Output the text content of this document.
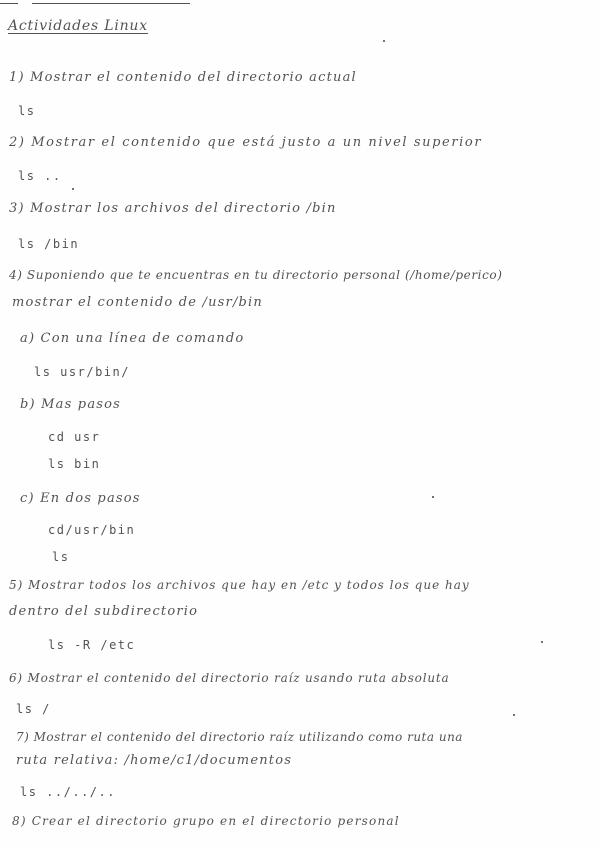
Actividades Linux
1) Mostrar el contenido del directorio actual
ls
2) Mostrar el contenido que está justo a un nivel superior
ls ..
3) Mostrar los archivos del directorio /bin
ls /bin
4) Suponiendo que te encuentras en tu directorio personal (/home/perico)
mostrar el contenido de /usr/bin
a) Con una línea de comando
ls usr/bin/
b) Mas pasos
cd usr
ls bin
c) En dos pasos
cd/usr/bin
ls
5) Mostrar todos los archivos que hay en /etc y todos los que hay
dentro del subdirectorio
ls -R /etc
6) Mostrar el contenido del directorio raíz usando ruta absoluta
ls /
7) Mostrar el contenido del directorio raíz utilizando como ruta una
ruta relativa: /home/c1/documentos
ls ../../..
8) Crear el directorio grupo en el directorio personal
